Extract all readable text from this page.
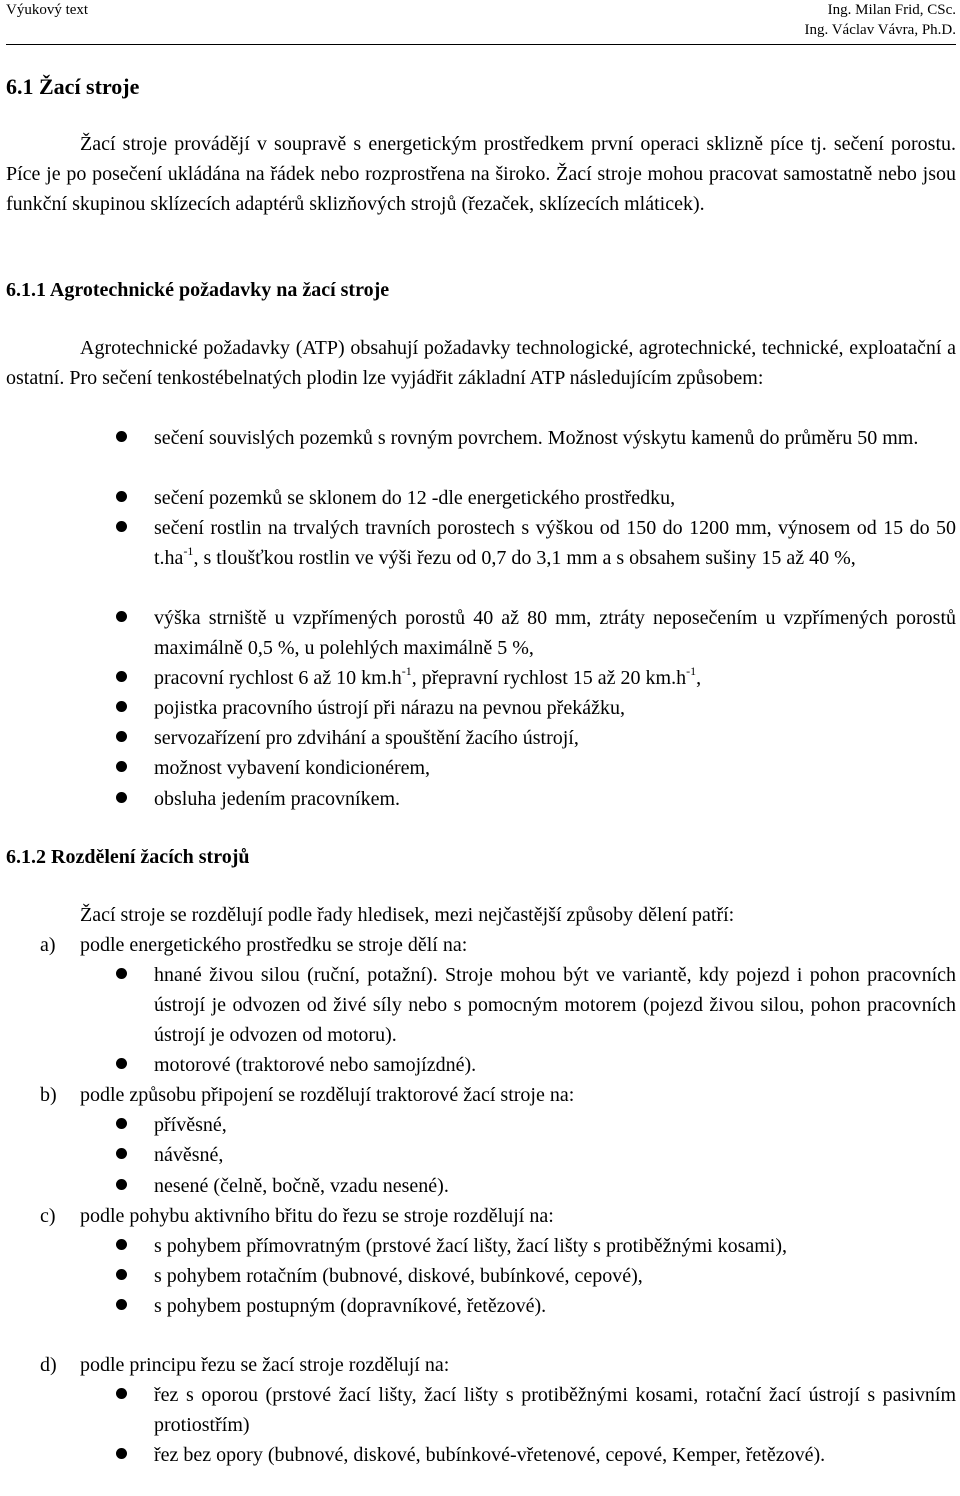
Výukový text	Ing. Milan Frid, CSc.
Ing. Václav Vávra, Ph.D.
6.1 Žací stroje

Žací stroje provádějí v soupravě s energetickým prostředkem první operaci sklizně píce tj. sečení porostu. Píce je po posečení ukládána na řádek nebo rozprostřena na široko. Žací stroje mohou pracovat samostatně nebo jsou funkční skupinou sklízecích adaptérů sklizňových strojů (řezaček, sklízecích mláticek).

6.1.1 Agrotechnické požadavky na žací stroje

Agrotechnické požadavky (ATP) obsahují požadavky technologické, agrotechnické, technické, exploatační a ostatní. Pro sečení tenkostébelnatých plodin lze vyjádřit základní ATP následujícím způsobem:

sečení souvislých pozemků s rovným povrchem. Možnost výskytu kamenů do průměru 50 mm.
sečení pozemků se sklonem do 12 -dle energetického prostředku,
sečení rostlin na trvalých travních porostech s výškou od 150 do 1200 mm, výnosem od 15 do 50 $t.ha^{-1}$, s tloušťkou rostlin ve výši řezu od 0,7 do 3,1 mm a s obsahem sušiny 15 až 40 %,
výška strniště u vzpřímených porostů 40 až 80 mm, ztráty neposečením u vzpřímených porostů maximálně 0,5 %, u polehlých maximálně 5 %,
pracovní rychlost 6 až 10 $km.h^{-1}$, přepravní rychlost 15 až 20 $km.h^{-1}$,
pojistka pracovního ústrojí při nárazu na pevnou překážku,
servozařízení pro zdvihání a spouštění žacího ústrojí,
možnost vybavení kondicionérem,
obsluha jedením pracovníkem.
6.1.2 Rozdělení žacích strojů

Žací stroje se rozdělují podle řady hledisek, mezi nejčastější způsoby dělení patří:

a) podle energetického prostředku se stroje dělí na:
hnané živou silou (ruční, potažní). Stroje mohou být ve variantě, kdy pojezd i pohon pracovních ústrojí je odvozen od živé síly nebo s pomocným motorem (pojezd živou silou, pohon pracovních ústrojí je odvozen od motoru).
motorové (traktorové nebo samojízdné).
b) podle způsobu připojení se rozdělují traktorové žací stroje na:
přívěsné,
návěsné,
nesené (čelně, bočně, vzadu nesené).
c) podle pohybu aktivního břitu do řezu se stroje rozdělují na:
s pohybem přímovratným (prstové žací lišty, žací lišty s protiběžnými kosami),
s pohybem rotačním (bubnové, diskové, bubínkové, cepové),
s pohybem postupným (dopravníkové, řetězové).
d) podle principu řezu se žací stroje rozdělují na:
řez s oporou (prstové žací lišty, žací lišty s protiběžnými kosami, rotační žací ústrojí s pasivním protiostřím)
řez bez opory (bubnové, diskové, bubínkové-vřetenové, cepové, Kemper, řetězové).
